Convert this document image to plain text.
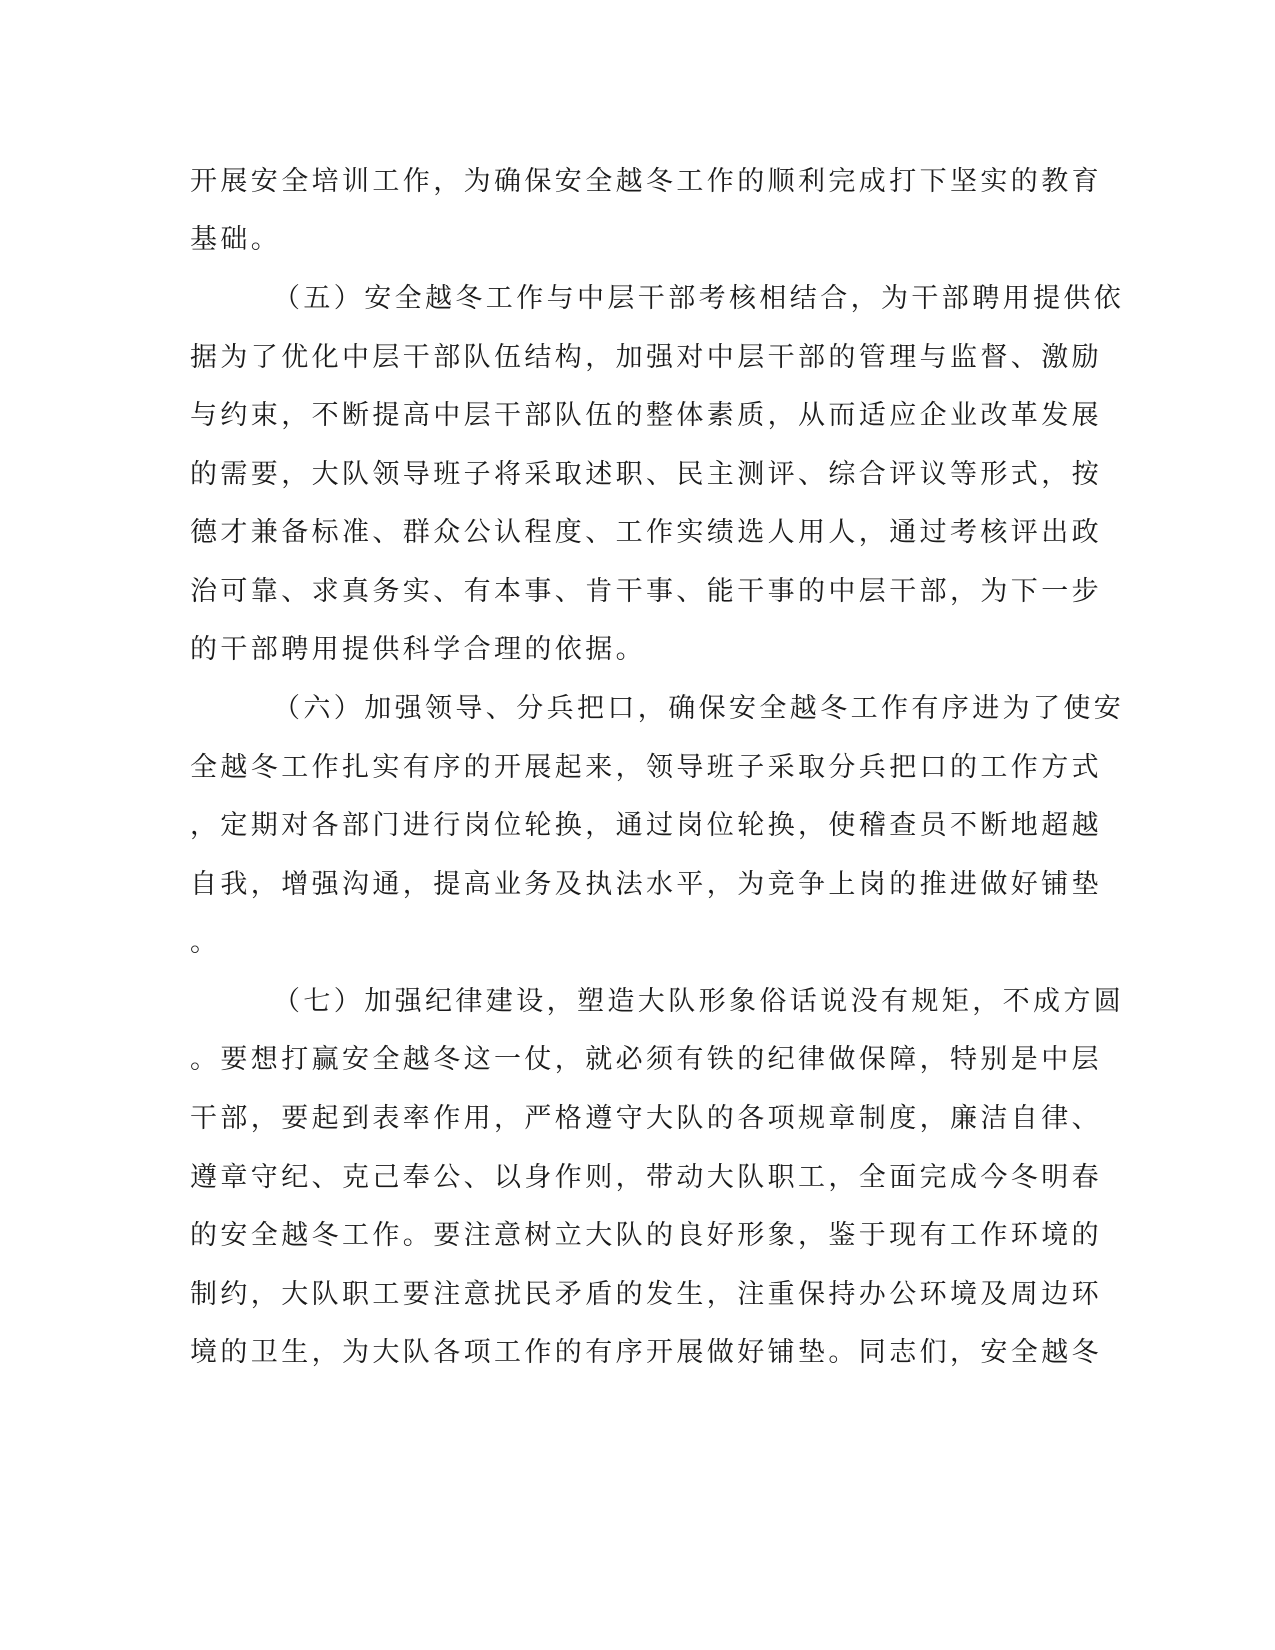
开展安全培训工作，为确保安全越冬工作的顺利完成打下坚实的教育
基础。
（五）安全越冬工作与中层干部考核相结合，为干部聘用提供依
据为了优化中层干部队伍结构，加强对中层干部的管理与监督、激励
与约束，不断提高中层干部队伍的整体素质，从而适应企业改革发展
的需要，大队领导班子将采取述职、民主测评、综合评议等形式，按
德才兼备标准、群众公认程度、工作实绩选人用人，通过考核评出政
治可靠、求真务实、有本事、肯干事、能干事的中层干部，为下一步
的干部聘用提供科学合理的依据。
（六）加强领导、分兵把口，确保安全越冬工作有序进为了使安
全越冬工作扎实有序的开展起来，领导班子采取分兵把口的工作方式
，定期对各部门进行岗位轮换，通过岗位轮换，使稽查员不断地超越
自我，增强沟通，提高业务及执法水平，为竞争上岗的推进做好铺垫
。
（七）加强纪律建设，塑造大队形象俗话说没有规矩，不成方圆
。要想打赢安全越冬这一仗，就必须有铁的纪律做保障，特别是中层
干部，要起到表率作用，严格遵守大队的各项规章制度，廉洁自律、
遵章守纪、克己奉公、以身作则，带动大队职工，全面完成今冬明春
的安全越冬工作。要注意树立大队的良好形象，鉴于现有工作环境的
制约，大队职工要注意扰民矛盾的发生，注重保持办公环境及周边环
境的卫生，为大队各项工作的有序开展做好铺垫。同志们，安全越冬
